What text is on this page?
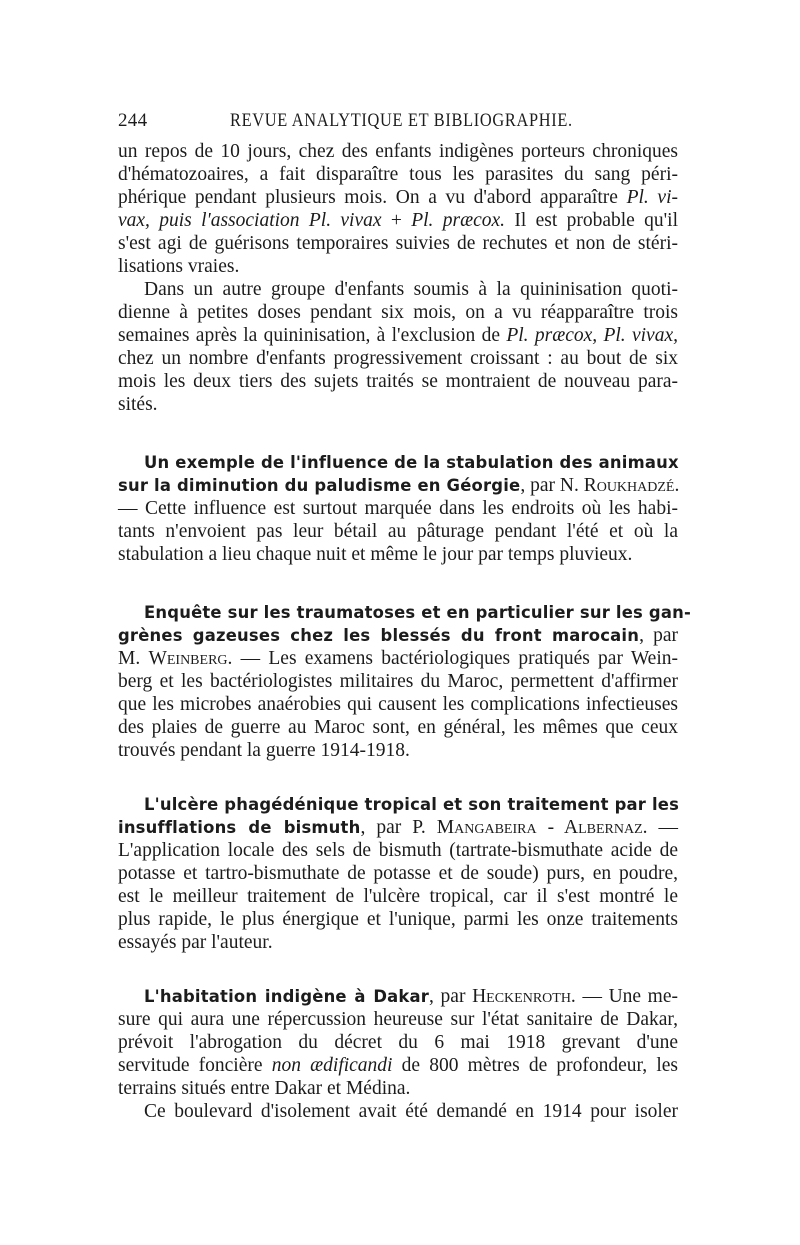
244	REVUE ANALYTIQUE ET BIBLIOGRAPHIE.
un repos de 10 jours, chez des enfants indigènes porteurs chroniques
d'hématozoaires, a fait disparaître tous les parasites du sang péri-
phérique pendant plusieurs mois. On a vu d'abord apparaître Pl. vi-
vax, puis l'association Pl. vivax + Pl. præcox. Il est probable qu'il
s'est agi de guérisons temporaires suivies de rechutes et non de stéri-
lisations vraies.
Dans un autre groupe d'enfants soumis à la quininisation quoti-
dienne à petites doses pendant six mois, on a vu réapparaître trois
semaines après la quininisation, à l'exclusion de Pl. præcox, Pl. vivax,
chez un nombre d'enfants progressivement croissant : au bout de six
mois les deux tiers des sujets traités se montraient de nouveau para-
sités.
Un exemple de l'influence de la stabulation des animaux
sur la diminution du paludisme en Géorgie, par N. Roukhadzé.
— Cette influence est surtout marquée dans les endroits où les habi-
tants n'envoient pas leur bétail au pâturage pendant l'été et où la
stabulation a lieu chaque nuit et même le jour par temps pluvieux.
Enquête sur les traumatoses et en particulier sur les gan-
grènes gazeuses chez les blessés du front marocain, par
M. Weinberg. — Les examens bactériologiques pratiqués par Wein-
berg et les bactériologistes militaires du Maroc, permettent d'affirmer
que les microbes anaérobies qui causent les complications infectieuses
des plaies de guerre au Maroc sont, en général, les mêmes que ceux
trouvés pendant la guerre 1914-1918.
L'ulcère phagédénique tropical et son traitement par les
insufflations de bismuth, par P. Mangabeira - Albernaz. —
L'application locale des sels de bismuth (tartrate-bismuthate acide de
potasse et tartro-bismuthate de potasse et de soude) purs, en poudre,
est le meilleur traitement de l'ulcère tropical, car il s'est montré le
plus rapide, le plus énergique et l'unique, parmi les onze traitements
essayés par l'auteur.
L'habitation indigène à Dakar, par Heckenroth. — Une me-
sure qui aura une répercussion heureuse sur l'état sanitaire de Dakar,
prévoit l'abrogation du décret du 6 mai 1918 grevant d'une
servitude foncière non ædificandi de 800 mètres de profondeur, les
terrains situés entre Dakar et Médina.
Ce boulevard d'isolement avait été demandé en 1914 pour isoler
